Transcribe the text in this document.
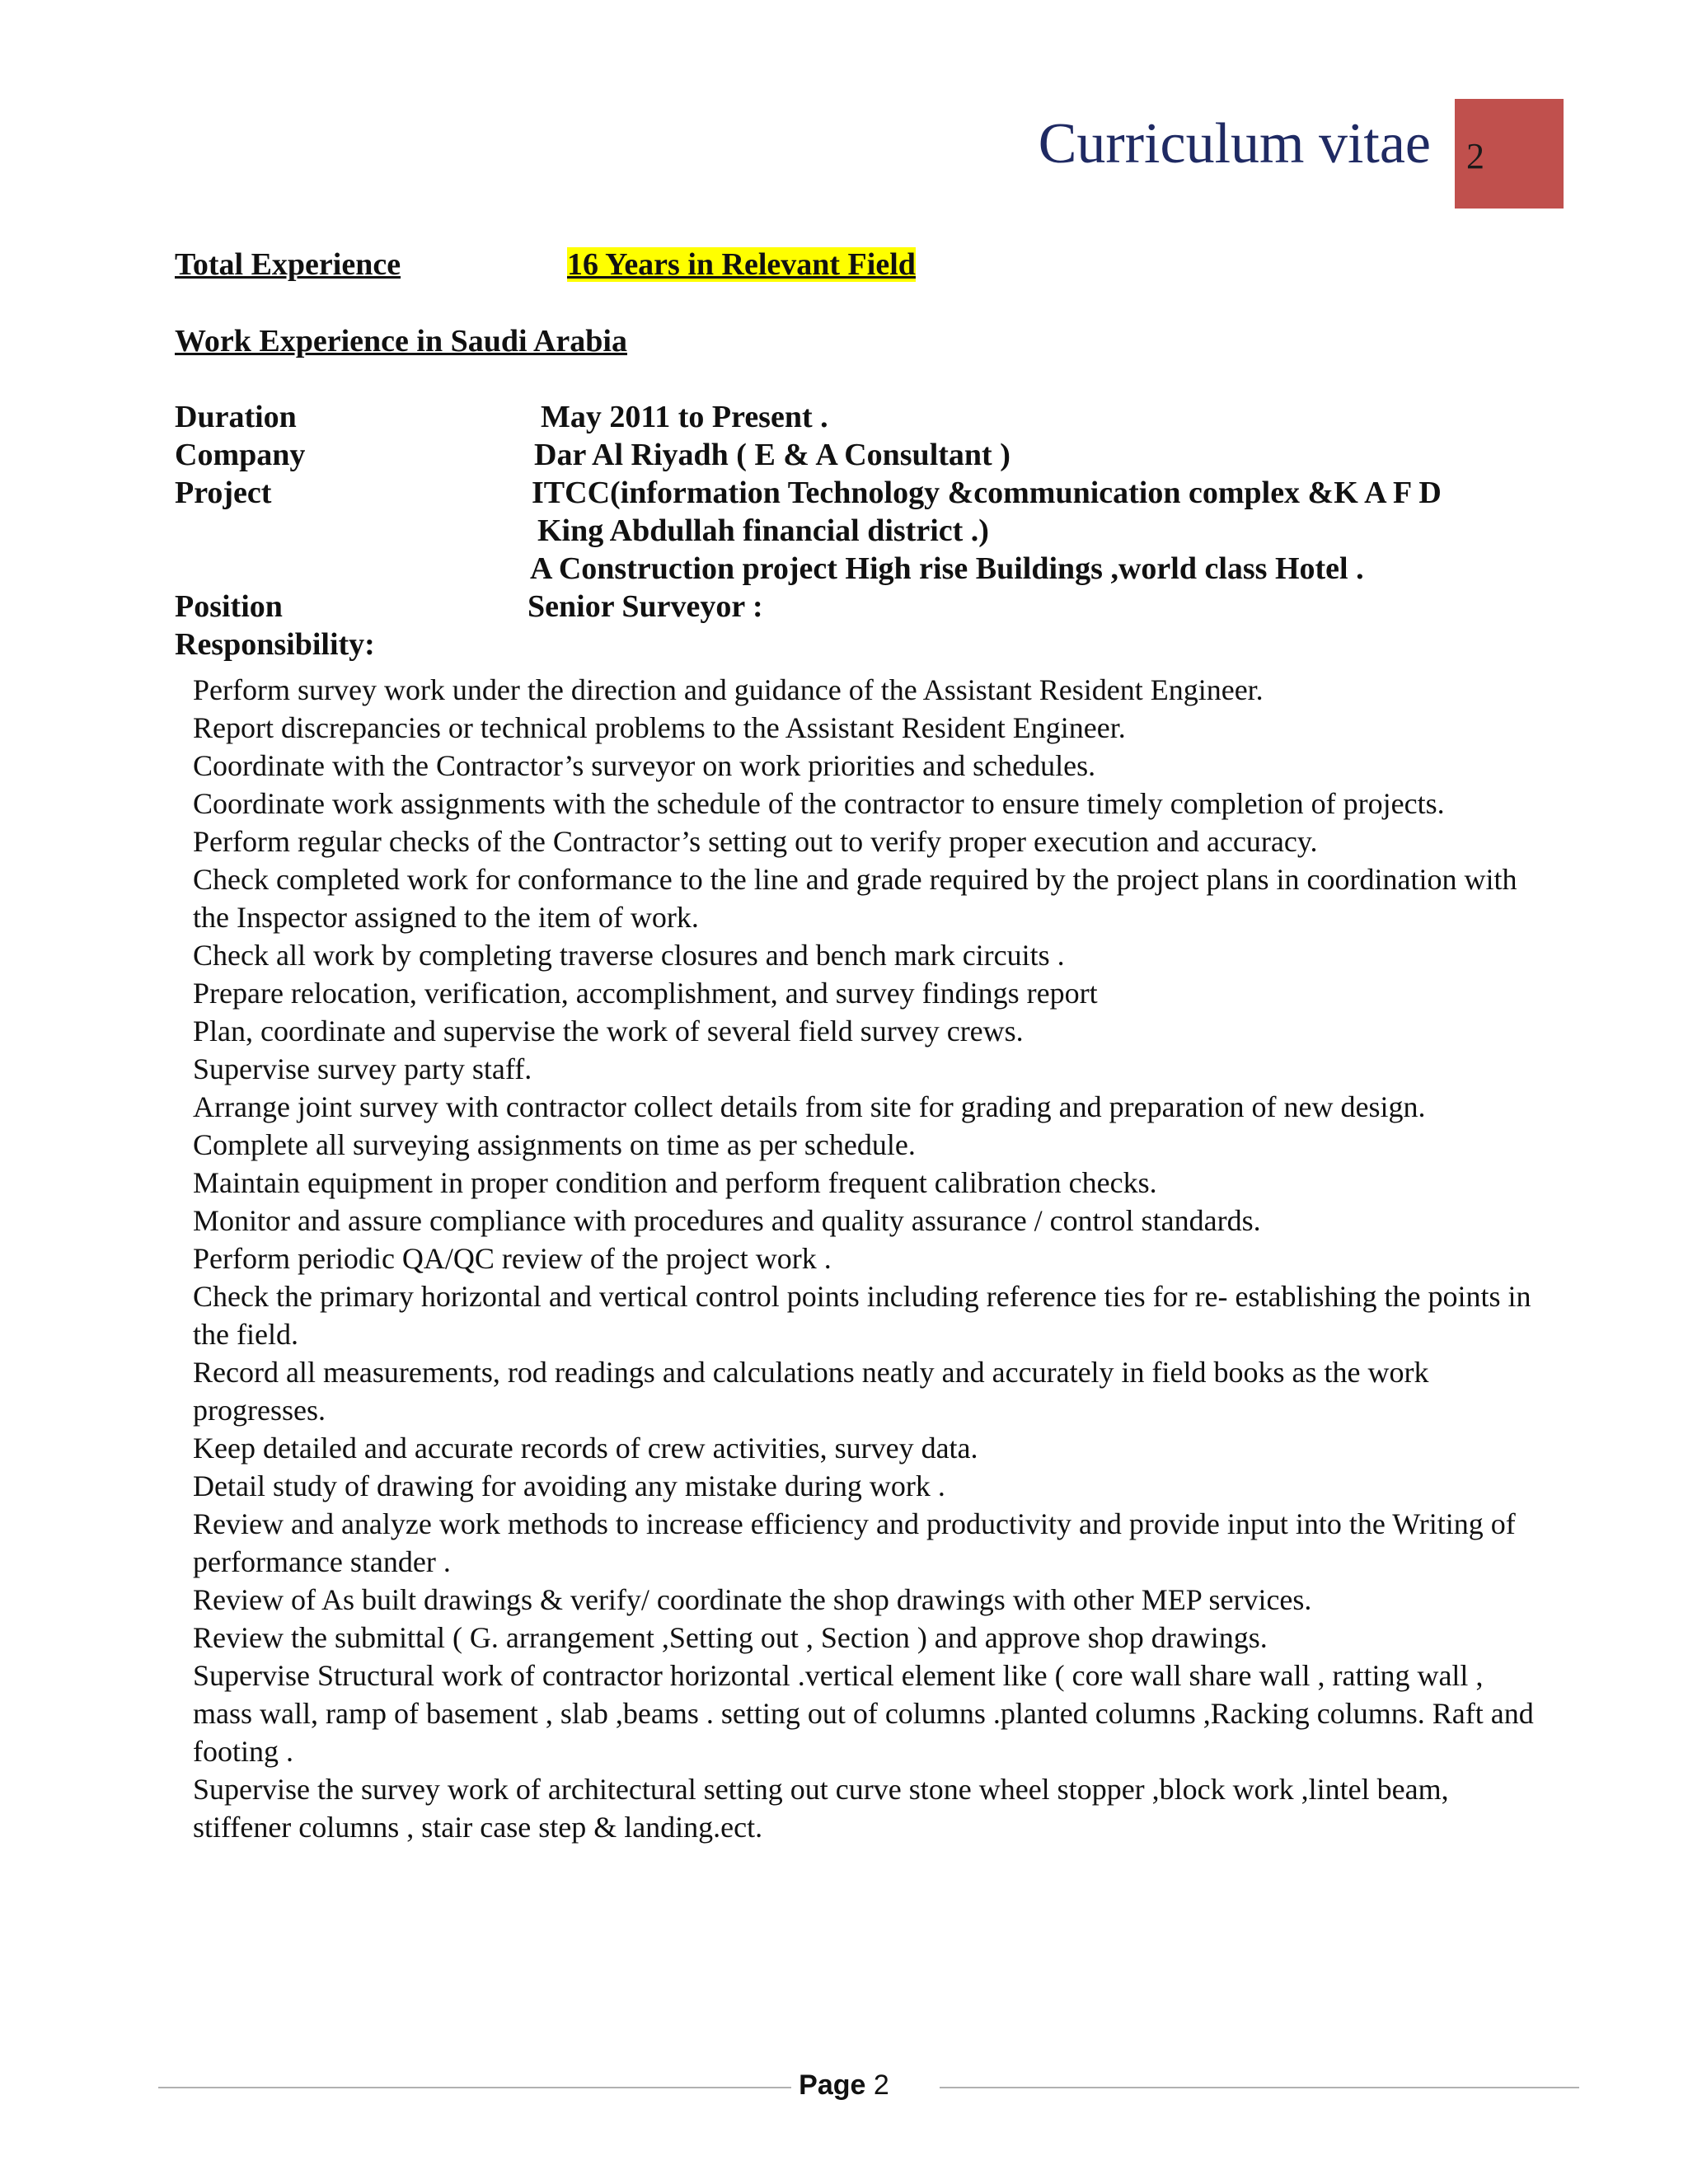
Curriculum vitae 2
Total Experience	16 Years in Relevant Field
Work Experience in Saudi Arabia
Duration	May 2011 to Present .
Company	Dar Al Riyadh ( E & A Consultant )
Project	ITCC(information Technology &communication complex &K A F D
King Abdullah financial district .)
A Construction project High rise Buildings ,world class Hotel .
Position	Senior Surveyor :
Responsibility:
Perform survey work under the direction and guidance of the Assistant Resident Engineer.
Report discrepancies or technical problems to the Assistant Resident Engineer.
Coordinate with the Contractor’s surveyor on work priorities and schedules.
Coordinate work assignments with the schedule of the contractor to ensure timely completion of projects.
Perform regular checks of the Contractor’s setting out to verify proper execution and accuracy.
Check completed work for conformance to the line and grade required by the project plans in coordination with the Inspector assigned to the item of work.
Check all work by completing traverse closures and bench mark circuits .
Prepare relocation, verification, accomplishment, and survey findings report
Plan, coordinate and supervise the work of several field survey crews.
Supervise survey party staff.
Arrange joint survey with contractor collect details from site for grading and preparation of new design.
Complete all surveying assignments on time as per schedule.
Maintain equipment in proper condition and perform frequent calibration checks.
Monitor and assure compliance with procedures and quality assurance / control standards.
Perform periodic QA/QC review of the project work .
Check the primary horizontal and vertical control points including reference ties for re- establishing the points in the field.
Record all measurements, rod readings and calculations neatly and accurately in field books as the work progresses.
Keep detailed and accurate records of crew activities, survey data.
Detail study of drawing for avoiding any mistake during work .
Review and analyze work methods to increase efficiency and productivity and provide input into the Writing of performance stander .
Review of As built drawings & verify/ coordinate the shop drawings with other MEP services.
Review the submittal ( G. arrangement ,Setting out , Section ) and approve shop drawings.
Supervise Structural work of contractor horizontal .vertical element like ( core wall share wall , ratting wall , mass wall, ramp of basement , slab ,beams . setting out of columns .planted columns ,Racking columns. Raft and footing .
Supervise the survey work of architectural setting out curve stone wheel stopper ,block work ,lintel beam, stiffener columns , stair case step & landing.ect.
Page 2
